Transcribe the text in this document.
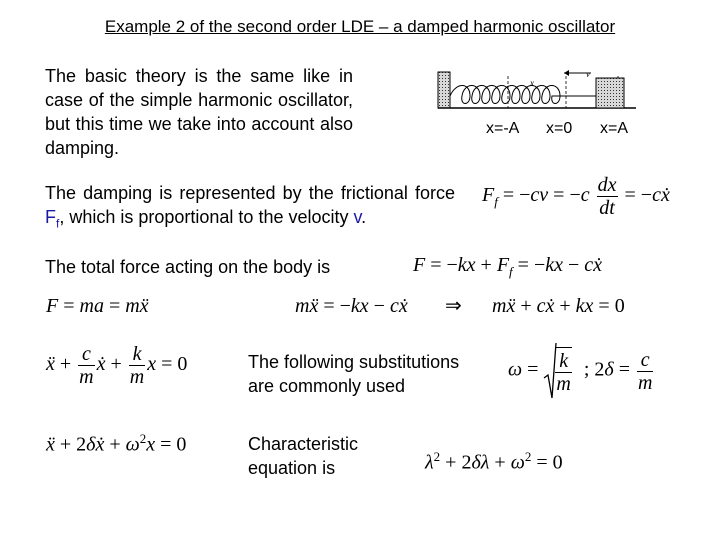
Example 2 of the second order LDE – a damped harmonic oscillator
The basic theory is the same like in case of the simple harmonic oscillator, but this time we take into account also damping.
v
x
x=-A x=0 x=A
The damping is represented by the frictional force $F_f$, which is proportional to the velocity v.
$F_f = -cv = -c \frac{dx}{dt}$ = −cẋ
The total force acting on the body is	$F = -kx + F_f = -kx$ − cẋ
F = ma = mẍ	mẍ = −kx − cẋ ⇒ mẍ + cẋ + kx = 0
ẍ + $\frac{c}{m}$ ẋ + $\frac{k}{m}$ x = 0	The following substitutions are commonly used
$\omega = \frac{k}{m}$ ; $2\delta = \frac{c}{m}$
ẍ + 2δẋ + $\omega^2x = 0$	Characteristic equation is	$\lambda^2 + 2\delta\lambda + \omega^2 = 0$
